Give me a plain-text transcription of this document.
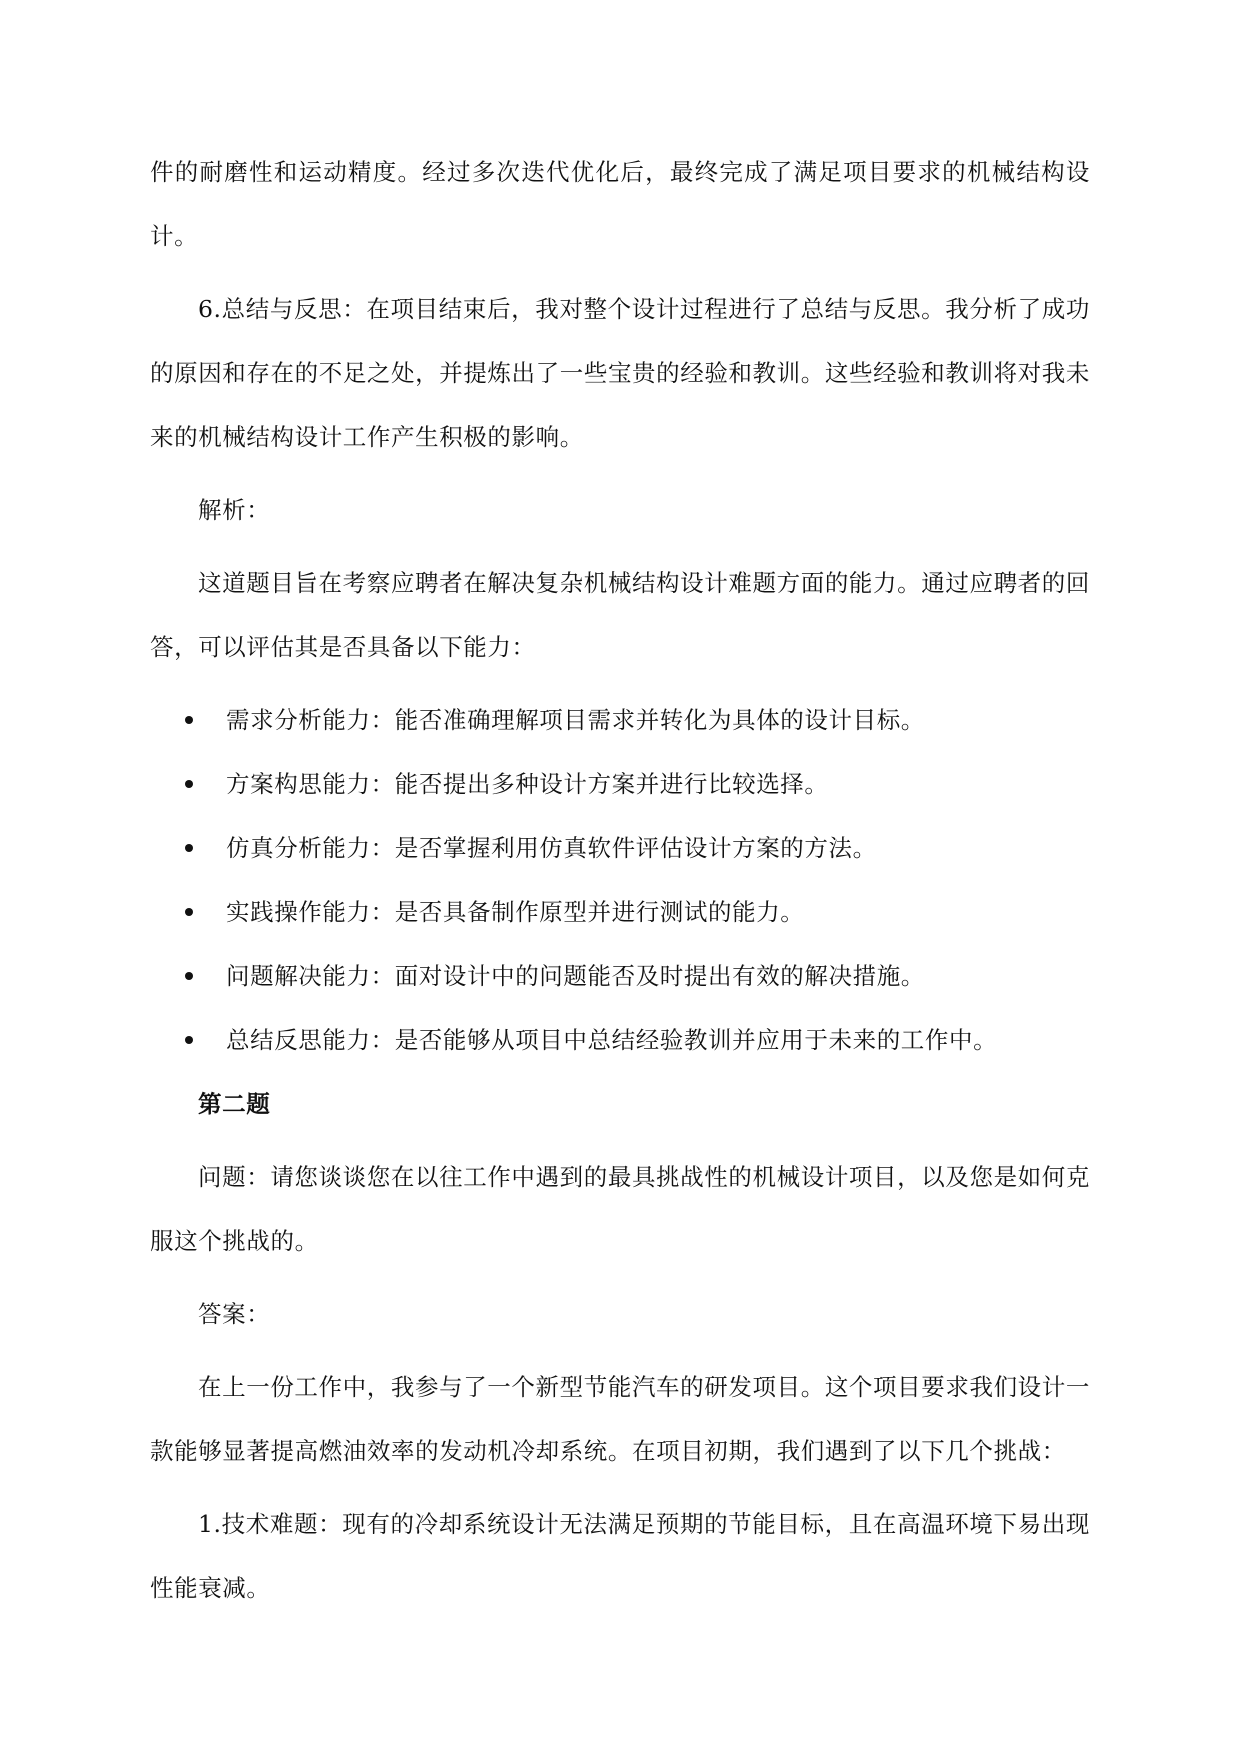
件的耐磨性和运动精度。经过多次迭代优化后，最终完成了满足项目要求的机械结构设计。

6.总结与反思：在项目结束后，我对整个设计过程进行了总结与反思。我分析了成功的原因和存在的不足之处，并提炼出了一些宝贵的经验和教训。这些经验和教训将对我未来的机械结构设计工作产生积极的影响。

解析：

这道题目旨在考察应聘者在解决复杂机械结构设计难题方面的能力。通过应聘者的回答，可以评估其是否具备以下能力：

需求分析能力：能否准确理解项目需求并转化为具体的设计目标。
方案构思能力：能否提出多种设计方案并进行比较选择。
仿真分析能力：是否掌握利用仿真软件评估设计方案的方法。
实践操作能力：是否具备制作原型并进行测试的能力。
问题解决能力：面对设计中的问题能否及时提出有效的解决措施。
总结反思能力：是否能够从项目中总结经验教训并应用于未来的工作中。

第二题

问题：请您谈谈您在以往工作中遇到的最具挑战性的机械设计项目，以及您是如何克服这个挑战的。

答案：

在上一份工作中，我参与了一个新型节能汽车的研发项目。这个项目要求我们设计一款能够显著提高燃油效率的发动机冷却系统。在项目初期，我们遇到了以下几个挑战：

1.技术难题：现有的冷却系统设计无法满足预期的节能目标，且在高温环境下易出现性能衰减。
